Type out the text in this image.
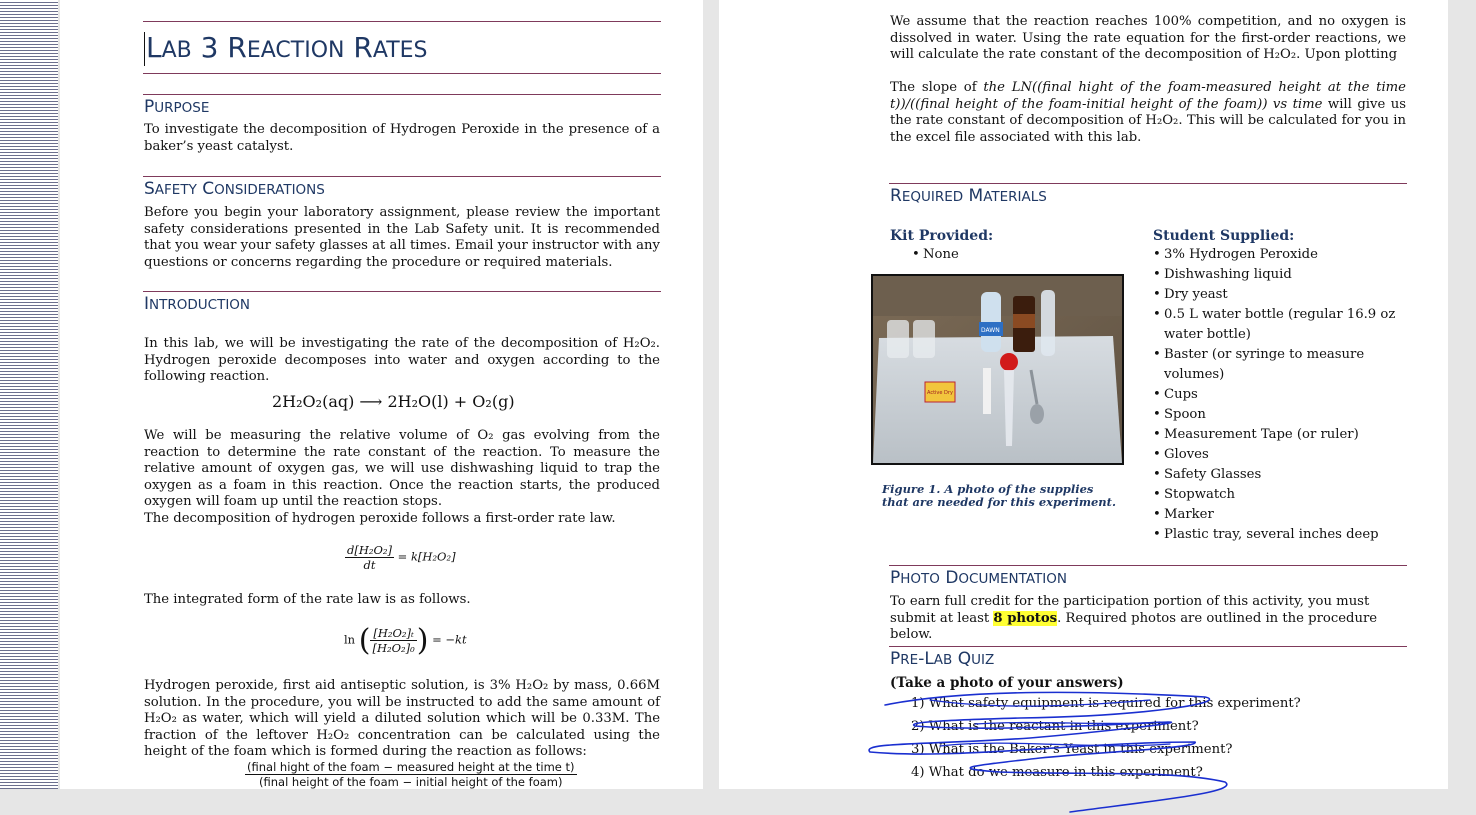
LAB 3 REACTION RATES
PURPOSE
To investigate the decomposition of Hydrogen Peroxide in the presence of a baker’s yeast catalyst.
SAFETY CONSIDERATIONS
Before you begin your laboratory assignment, please review the important safety considerations presented in the Lab Safety unit. It is recommended that you wear your safety glasses at all times. Email your instructor with any questions or concerns regarding the procedure or required materials.
INTRODUCTION
In this lab, we will be investigating the rate of the decomposition of H₂O₂. Hydrogen peroxide decomposes into water and oxygen according to the following reaction.
2H₂O₂(aq) ⟶ 2H₂O(l) + O₂(g)
We will be measuring the relative volume of O₂ gas evolving from the reaction to determine the rate constant of the reaction. To measure the relative amount of oxygen gas, we will use dishwashing liquid to trap the oxygen as a foam in this reaction. Once the reaction starts, the produced oxygen will foam up until the reaction stops.
The decomposition of hydrogen peroxide follows a first-order rate law.
$\frac{\text{d[H₂O₂]}}{dt} = k[H_2O_2]$
The integrated form of the rate law is as follows.
ln ( $\frac{\text{[H₂O₂]ₜ}}{\text{[H₂O₂]₀}}$ ) = −kt
Hydrogen peroxide, first aid antiseptic solution, is 3% H₂O₂ by mass, 0.66M solution. In the procedure, you will be instructed to add the same amount of H₂O₂ as water, which will yield a diluted solution which will be 0.33M. The fraction of the leftover H₂O₂ concentration can be calculated using the height of the foam which is formed during the reaction as follows:
$\frac{\text{(final hight of the foam − measured height at the time t)}}{\text{(final height of the foam − initial height of the foam)}}$
We assume that the reaction reaches 100% competition, and no oxygen is dissolved in water. Using the rate equation for the first-order reactions, we will calculate the rate constant of the decomposition of H₂O₂. Upon plotting
The slope of the LN((final hight of the foam-measured height at the time t))/((final height of the foam-initial height of the foam)) vs time will give us the rate constant of decomposition of H₂O₂. This will be calculated for you in the excel file associated with this lab.
REQUIRED MATERIALS
Kit Provided:
• None
Student Supplied:
• 3% Hydrogen Peroxide
• Dishwashing liquid
• Dry yeast
• 0.5 L water bottle (regular 16.9 oz water bottle)
• Baster (or syringe to measure volumes)
• Cups
• Spoon
• Measurement Tape (or ruler)
• Gloves
• Safety Glasses
• Stopwatch
• Marker
• Plastic tray, several inches deep
DAWN
Active Dry
Figure 1. A photo of the supplies that are needed for this experiment.
PHOTO DOCUMENTATION
To earn full credit for the participation portion of this activity, you must submit at least 8 photos. Required photos are outlined in the procedure below.
PRE-LAB QUIZ
(Take a photo of your answers)
1) What safety equipment is required for this experiment?
2) What is the reactant in this experiment?
3) What is the Baker’s Yeast in this experiment?
4) What do we measure in this experiment?
